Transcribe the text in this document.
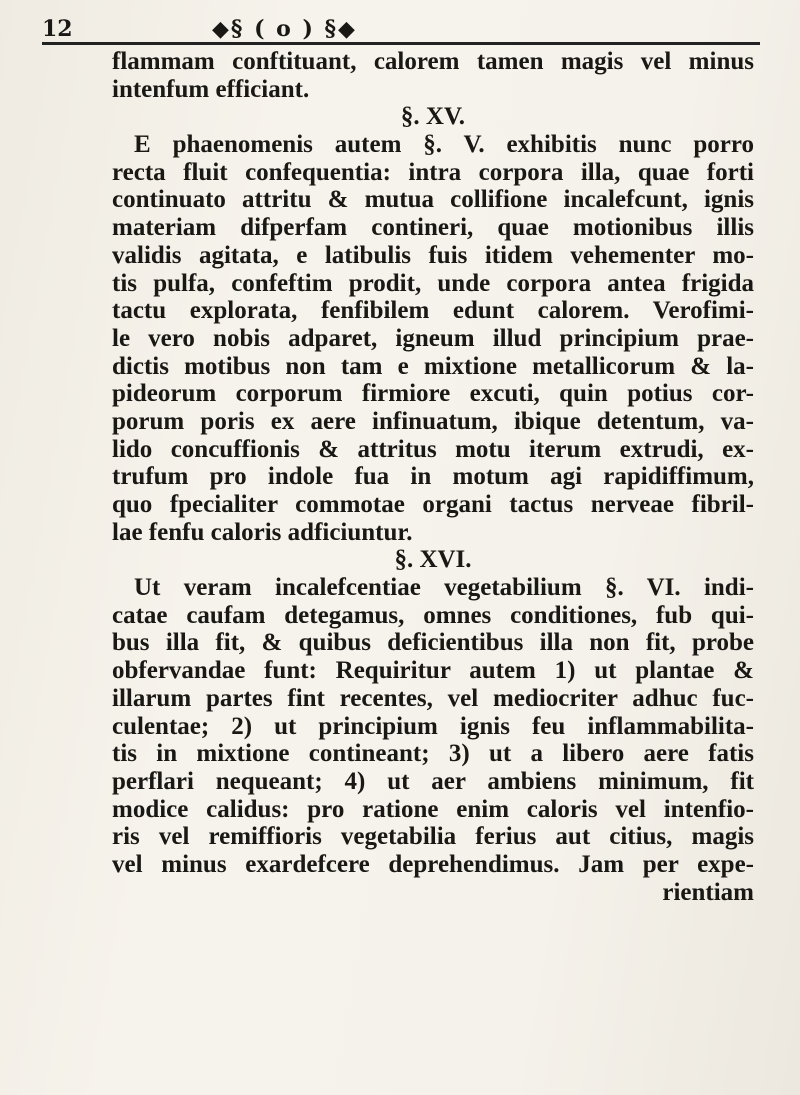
12	◆§ ( o ) §◆
flammam conftituant, calorem tamen magis vel minus
intenfum efficiant.
§. XV.
E phaenomenis autem §. V. exhibitis nunc porro
recta fluit confequentia: intra corpora illa, quae forti
continuato attritu & mutua collifione incalefcunt, ignis
materiam difperfam contineri, quae motionibus illis
validis agitata, e latibulis fuis itidem vehementer mo-
tis pulfa, confeftim prodit, unde corpora antea frigida
tactu explorata, fenfibilem edunt calorem. Verofimi-
le vero nobis adparet, igneum illud principium prae-
dictis motibus non tam e mixtione metallicorum & la-
pideorum corporum firmiore excuti, quin potius cor-
porum poris ex aere infinuatum, ibique detentum, va-
lido concuffionis & attritus motu iterum extrudi, ex-
trufum pro indole fua in motum agi rapidiffimum,
quo fpecialiter commotae organi tactus nerveae fibril-
lae fenfu caloris adficiuntur.
§. XVI.
Ut veram incalefcentiae vegetabilium §. VI. indi-
catae caufam detegamus, omnes conditiones, fub qui-
bus illa fit, & quibus deficientibus illa non fit, probe
obfervandae funt: Requiritur autem 1) ut plantae &
illarum partes fint recentes, vel mediocriter adhuc fuc-
culentae; 2) ut principium ignis feu inflammabilita-
tis in mixtione contineant; 3) ut a libero aere fatis
perflari nequeant; 4) ut aer ambiens minimum, fit
modice calidus: pro ratione enim caloris vel intenfio-
ris vel remiffioris vegetabilia ferius aut citius, magis
vel minus exardefcere deprehendimus. Jam per expe-
rientiam
